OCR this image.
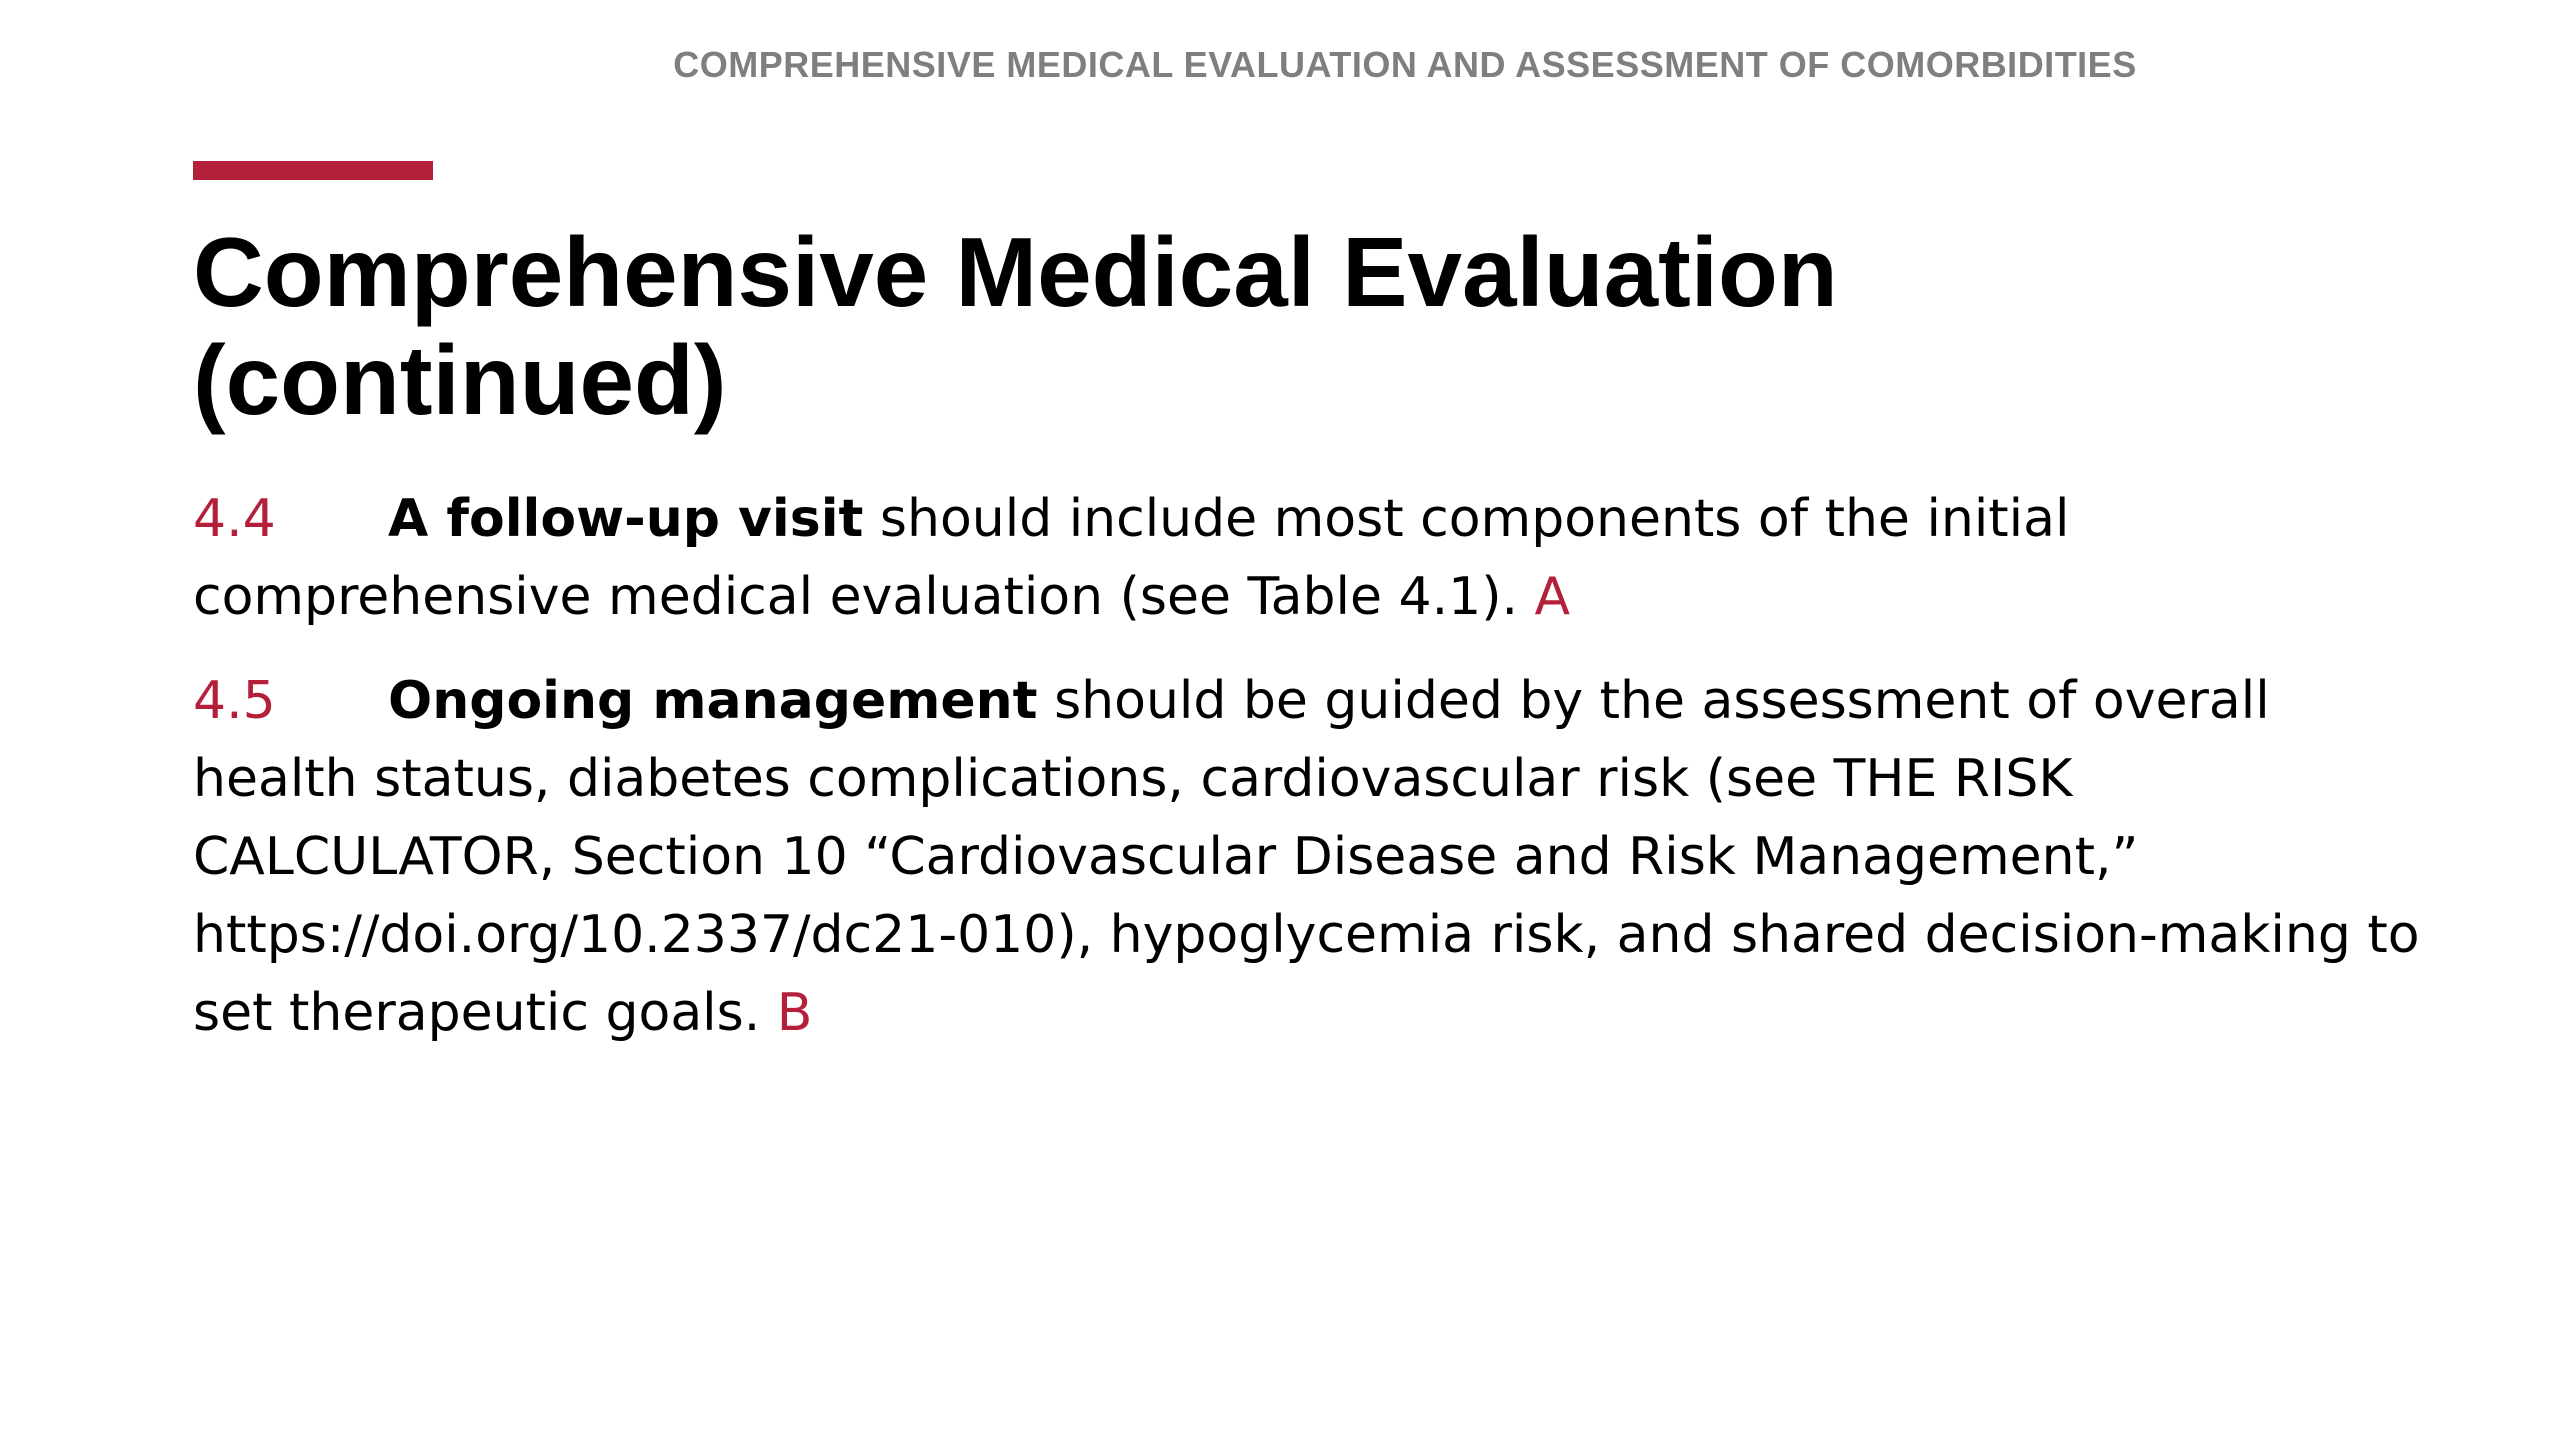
COMPREHENSIVE MEDICAL EVALUATION AND ASSESSMENT OF COMORBIDITIES
Comprehensive Medical Evaluation
(continued)

4.4 A follow-up visit should include most components of the initial comprehensive medical evaluation (see Table 4.1). A

4.5 Ongoing management should be guided by the assessment of overall health status, diabetes complications, cardiovascular risk (see THE RISK CALCULATOR, Section 10 “Cardiovascular Disease and Risk Management,” https://doi.org/10.2337/dc21-010), hypoglycemia risk, and shared decision-making to set therapeutic goals. B
